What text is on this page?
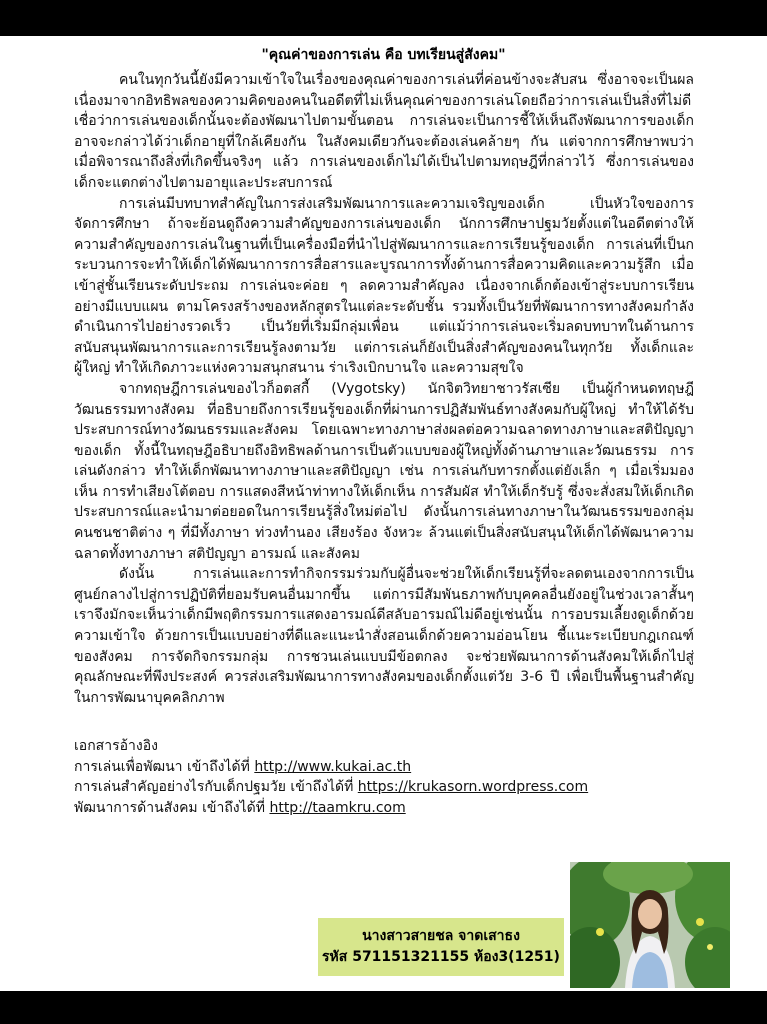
"คุณค่าของการเล่น คือ บทเรียนสู่สังคม"

คนในทุกวันนี้ยังมีความเข้าใจในเรื่องของคุณค่าของการเล่นที่ค่อนข้างจะสับสน ซึ่งอาจจะเป็นผลเนื่องมาจากอิทธิพลของความคิดของคนในอดีตที่ไม่เห็นคุณค่าของการเล่นโดยถือว่าการเล่นเป็นสิ่งที่ไม่ดี เชื่อว่าการเล่นของเด็กนั้นจะต้องพัฒนาไปตามขั้นตอน การเล่นจะเป็นการชี้ให้เห็นถึงพัฒนาการของเด็ก อาจจะกล่าวได้ว่าเด็กอายุที่ใกล้เคียงกัน ในสังคมเดียวกันจะต้องเล่นคล้ายๆ กัน แต่จากการศึกษาพบว่าเมื่อพิจารณาถึงสิ่งที่เกิดขึ้นจริงๆ แล้ว การเล่นของเด็กไม่ได้เป็นไปตามทฤษฎีที่กล่าวไว้ ซึ่งการเล่นของเด็กจะแตกต่างไปตามอายุและประสบการณ์

การเล่นมีบทบาทสำคัญในการส่งเสริมพัฒนาการและความเจริญของเด็ก เป็นหัวใจของการจัดการศึกษา ถ้าจะย้อนดูถึงความสำคัญของการเล่นของเด็ก นักการศึกษาปฐมวัยตั้งแต่ในอดีตต่างให้ความสำคัญของการเล่นในฐานที่เป็นเครื่องมือที่นำไปสู่พัฒนาการและการเรียนรู้ของเด็ก การเล่นที่เป็นกระบวนการจะทำให้เด็กได้พัฒนาการการสื่อสารและบูรณาการทั้งด้านการสื่อความคิดและความรู้สึก เมื่อเข้าสู่ชั้นเรียนระดับประถม การเล่นจะค่อย ๆ ลดความสำคัญลง เนื่องจากเด็กต้องเข้าสู่ระบบการเรียนอย่างมีแบบแผน ตามโครงสร้างของหลักสูตรในแต่ละระดับชั้น รวมทั้งเป็นวัยที่พัฒนาการทางสังคมกำลังดำเนินการไปอย่างรวดเร็ว เป็นวัยที่เริ่มมีกลุ่มเพื่อน แต่แม้ว่าการเล่นจะเริ่มลดบทบาทในด้านการสนับสนุนพัฒนาการและการเรียนรู้ลงตามวัย แต่การเล่นก็ยังเป็นสิ่งสำคัญของคนในทุกวัย ทั้งเด็กและผู้ใหญ่ ทำให้เกิดภาวะแห่งความสนุกสนาน ร่าเริงเบิกบานใจ และความสุขใจ

จากทฤษฎีการเล่นของไวก็อตสกี้ (Vygotsky) นักจิตวิทยาชาวรัสเซีย เป็นผู้กำหนดทฤษฎีวัฒนธรรมทางสังคม ที่อธิบายถึงการเรียนรู้ของเด็กที่ผ่านการปฏิสัมพันธ์ทางสังคมกับผู้ใหญ่ ทำให้ได้รับประสบการณ์ทางวัฒนธรรมและสังคม โดยเฉพาะทางภาษาส่งผลต่อความฉลาดทางภาษาและสติปัญญาของเด็ก ทั้งนี้ในทฤษฎีอธิบายถึงอิทธิพลด้านการเป็นตัวแบบของผู้ใหญ่ทั้งด้านภาษาและวัฒนธรรม การเล่นดังกล่าว ทำให้เด็กพัฒนาทางภาษาและสติปัญญา เช่น การเล่นกับทารกตั้งแต่ยังเล็ก ๆ เมื่อเริ่มมองเห็น การทำเสียงโต้ตอบ การแสดงสีหน้าท่าทางให้เด็กเห็น การสัมผัส ทำให้เด็กรับรู้ ซึ่งจะสั่งสมให้เด็กเกิดประสบการณ์และนำมาต่อยอดในการเรียนรู้สิ่งใหม่ต่อไป ดังนั้นการเล่นทางภาษาในวัฒนธรรมของกลุ่มคนชนชาติต่าง ๆ ที่มีทั้งภาษา ท่วงทำนอง เสียงร้อง จังหวะ ล้วนแต่เป็นสิ่งสนับสนุนให้เด็กได้พัฒนาความฉลาดทั้งทางภาษา สติปัญญา อารมณ์ และสังคม

ดังนั้น การเล่นและการทำกิจกรรมร่วมกับผู้อื่นจะช่วยให้เด็กเรียนรู้ที่จะลดตนเองจากการเป็นศูนย์กลางไปสู่การปฏิบัติที่ยอมรับคนอื่นมากขึ้น แต่การมีสัมพันธภาพกับบุคคลอื่นยังอยู่ในช่วงเวลาสั้นๆ เราจึงมักจะเห็นว่าเด็กมีพฤติกรรมการแสดงอารมณ์ดีสลับอารมณ์ไม่ดีอยู่เช่นนั้น การอบรมเลี้ยงดูเด็กด้วยความเข้าใจ ด้วยการเป็นแบบอย่างที่ดีและแนะนำสั่งสอนเด็กด้วยความอ่อนโยน ชี้แนะระเบียบกฎเกณฑ์ของสังคม การจัดกิจกรรมกลุ่ม การชวนเล่นแบบมีข้อตกลง จะช่วยพัฒนาการด้านสังคมให้เด็กไปสู่คุณลักษณะที่พึงประสงค์ ควรส่งเสริมพัฒนาการทางสังคมของเด็กตั้งแต่วัย 3-6 ปี เพื่อเป็นพื้นฐานสำคัญในการพัฒนาบุคคลิกภาพ

เอกสารอ้างอิง
การเล่นเพื่อพัฒนา เข้าถึงได้ที่ http://www.kukai.ac.th
การเล่นสำคัญอย่างไรกับเด็กปฐมวัย เข้าถึงได้ที่ https://krukasorn.wordpress.com
พัฒนาการด้านสังคม เข้าถึงได้ที่ http://taamkru.com
นางสาวสายชล จาดเสาธง
รหัส 571151321155 ห้อง3(1251)
